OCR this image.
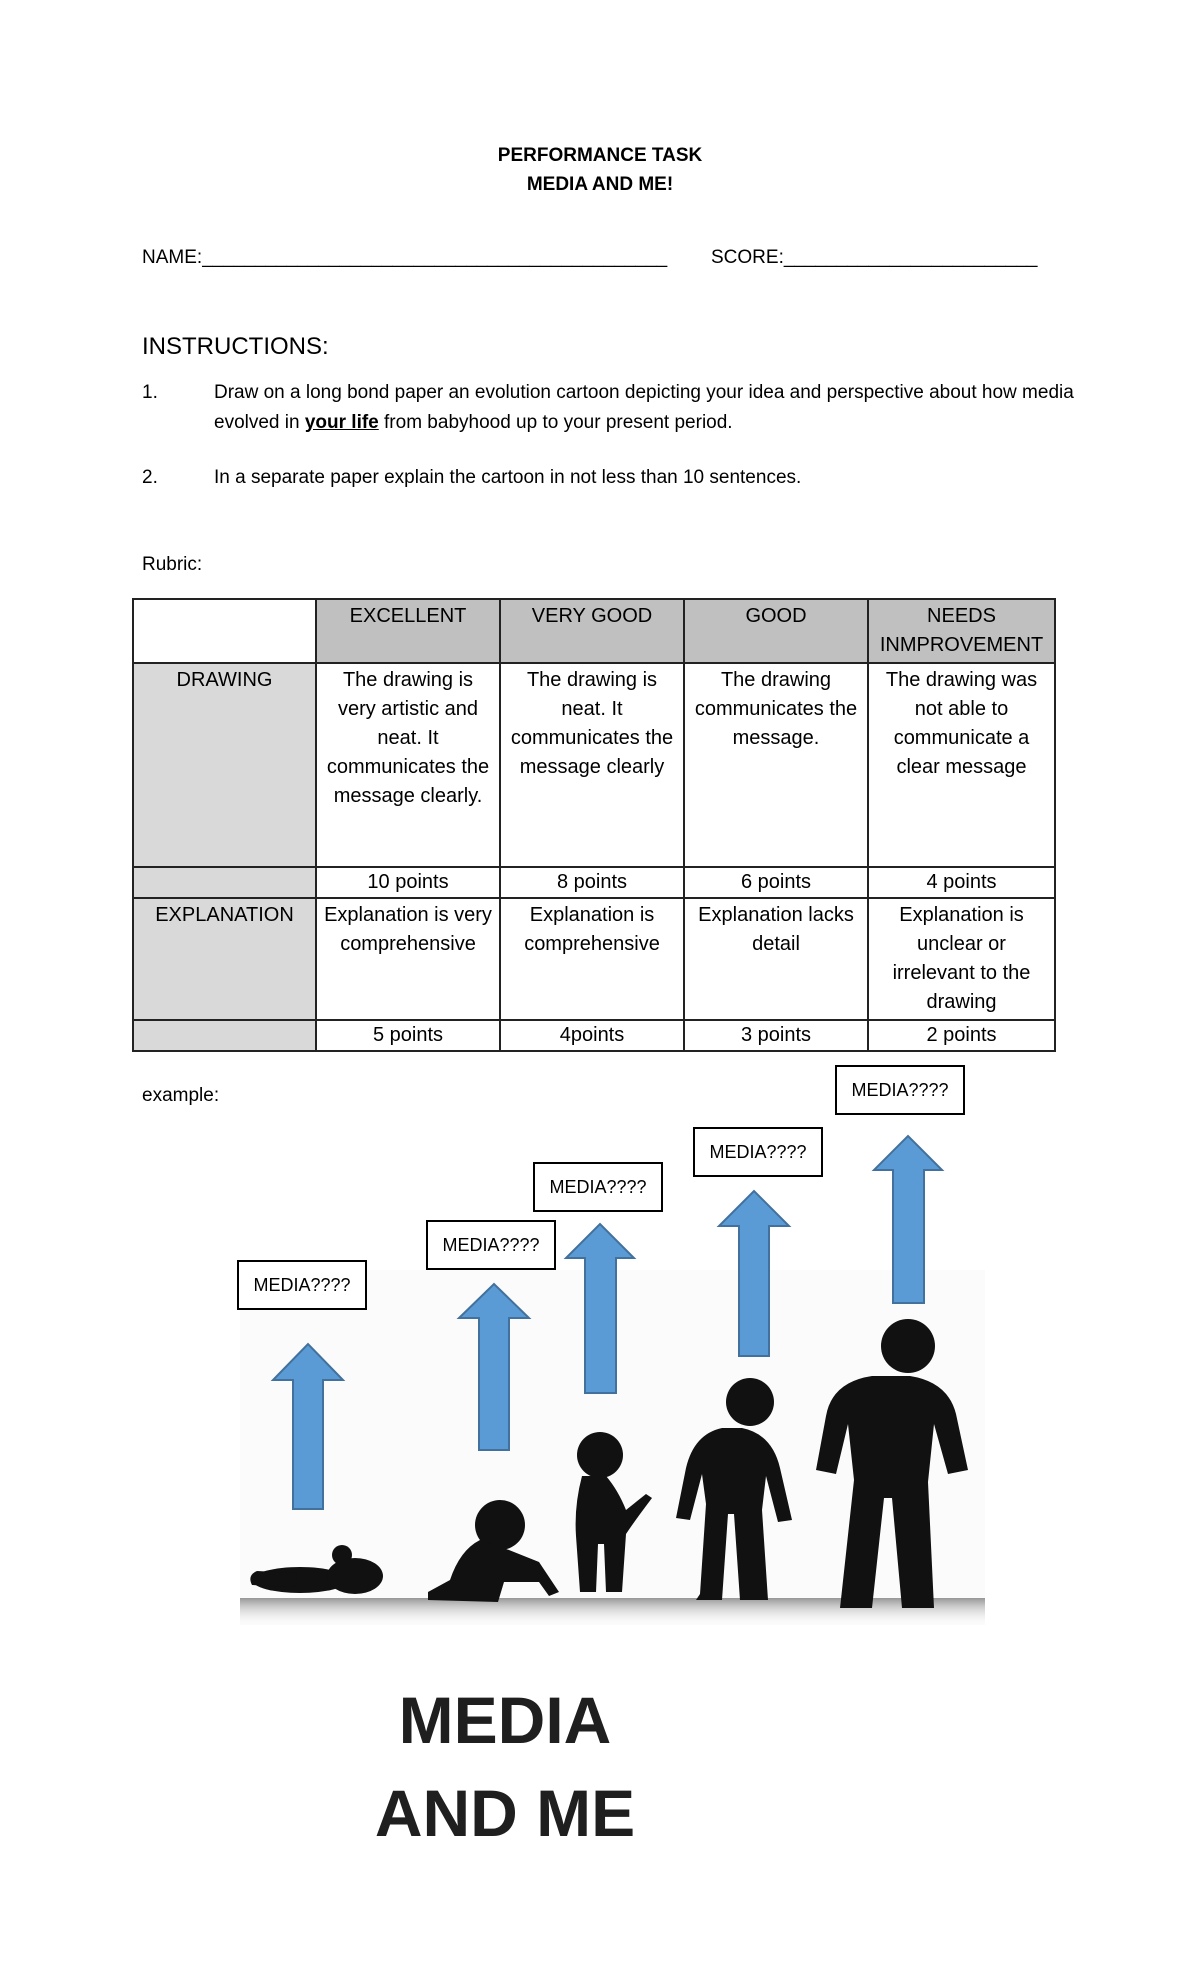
PERFORMANCE TASK
MEDIA AND ME!
NAME:____________________________________________ SCORE:________________________
INSTRUCTIONS:
1.	Draw on a long bond paper an evolution cartoon depicting your idea and perspective about how media evolved in your life from babyhood up to your present period.
2.	In a separate paper explain the cartoon in not less than 10 sentences.
Rubric:
	EXCELLENT	VERY GOOD	GOOD	NEEDS INMPROVEMENT
DRAWING	The drawing is very artistic and neat. It communicates the message clearly.	The drawing is neat. It communicates the message clearly	The drawing communicates the message.	The drawing was not able to communicate a clear message
	10 points	8 points	6 points	4 points
EXPLANATION	Explanation is very comprehensive	Explanation is comprehensive	Explanation lacks detail	Explanation is unclear or irrelevant to the drawing
	5 points	4points	3 points	2 points
example:
MEDIA????
MEDIA????
MEDIA????
MEDIA????
MEDIA????
MEDIA
AND ME
